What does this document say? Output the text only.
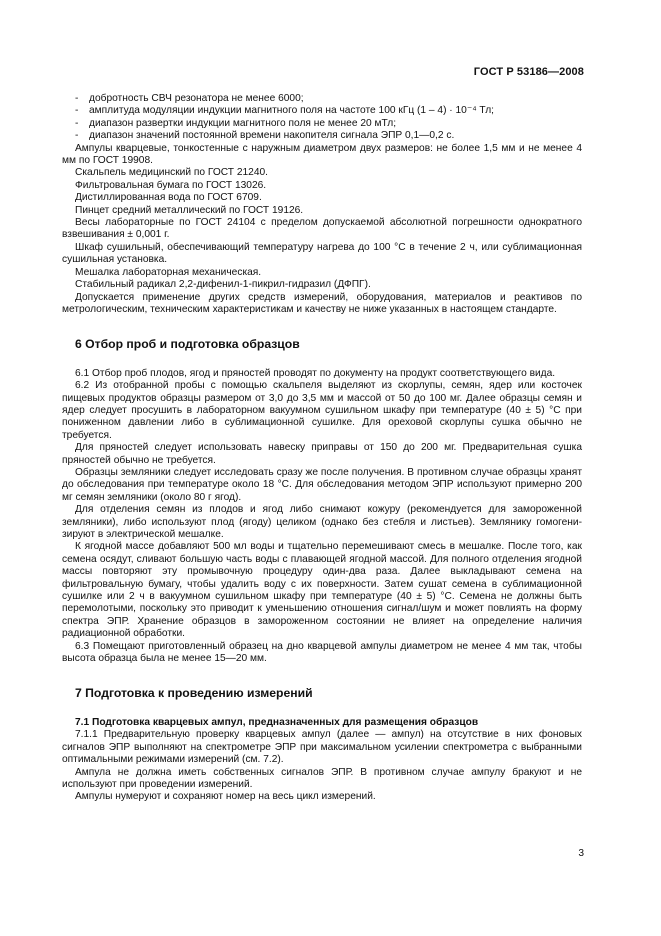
ГОСТ Р 53186—2008
-	добротность СВЧ резонатора не менее 6000;
-	амплитуда модуляции индукции магнитного поля на частоте 100 кГц (1 – 4) · 10⁻⁴ Тл;
-	диапазон развертки индукции магнитного поля не менее 20 мТл;
-	диапазон значений постоянной времени накопителя сигнала ЭПР 0,1—0,2 с.
Ампулы кварцевые, тонкостенные с наружным диаметром двух размеров: не более 1,5 мм и не менее 4 мм по ГОСТ 19908.
Скальпель медицинский по ГОСТ 21240.
Фильтровальная бумага по ГОСТ 13026.
Дистиллированная вода по ГОСТ 6709.
Пинцет средний металлический по ГОСТ 19126.
Весы лабораторные по ГОСТ 24104 с пределом допускаемой абсолютной погрешности однократного взвешивания ± 0,001 г.
Шкаф сушильный, обеспечивающий температуру нагрева до 100 °С в течение 2 ч, или сублимационная сушильная установка.
Мешалка лабораторная механическая.
Стабильный радикал 2,2-дифенил-1-пикрил-гидразил (ДФПГ).
Допускается применение других средств измерений, оборудования, материалов и реактивов по метрологическим, техническим характеристикам и качеству не ниже указанных в настоящем стандарте.
6 Отбор проб и подготовка образцов
6.1 Отбор проб плодов, ягод и пряностей проводят по документу на продукт соответствующего вида.
6.2 Из отобранной пробы с помощью скальпеля выделяют из скорлупы, семян, ядер или косточек пищевых продуктов образцы размером от 3,0 до 3,5 мм и массой от 50 до 100 мг. Далее образцы семян и ядер следует просушить в лабораторном вакуумном сушильном шкафу при температуре (40 ± 5) °С при пониженном давлении либо в сублимационной сушилке. Для ореховой скорлупы сушка обычно не требуется.
Для пряностей следует использовать навеску приправы от 150 до 200 мг. Предварительная сушка пряностей обычно не требуется.
Образцы земляники следует исследовать сразу же после получения. В противном случае образцы хранят до обследования при температуре около 18 °С. Для обследования методом ЭПР используют примерно 200 мг семян земляники (около 80 г ягод).
Для отделения семян из плодов и ягод либо снимают кожуру (рекомендуется для замороженной земляники), либо используют плод (ягоду) целиком (однако без стебля и листьев). Землянику гомогенизируют в электрической мешалке.
К ягодной массе добавляют 500 мл воды и тщательно перемешивают смесь в мешалке. После того, как семена осядут, сливают большую часть воды с плавающей ягодной массой. Для полного отделения ягодной массы повторяют эту промывочную процедуру один-два раза. Далее выкладывают семена на фильтровальную бумагу, чтобы удалить воду с их поверхности. Затем сушат семена в сублимационной сушилке или 2 ч в вакуумном сушильном шкафу при температуре (40 ± 5) °С. Семена не должны быть перемолотыми, поскольку это приводит к уменьшению отношения сигнал/шум и может повлиять на форму спектра ЭПР. Хранение образцов в замороженном состоянии не влияет на определение наличия радиационной обработки.
6.3 Помещают приготовленный образец на дно кварцевой ампулы диаметром не менее 4 мм так, чтобы высота образца была не менее 15—20 мм.
7 Подготовка к проведению измерений
7.1 Подготовка кварцевых ампул, предназначенных для размещения образцов
7.1.1 Предварительную проверку кварцевых ампул (далее — ампул) на отсутствие в них фоновых сигналов ЭПР выполняют на спектрометре ЭПР при максимальном усилении спектрометра с выбранными оптимальными режимами измерений (см. 7.2).
Ампула не должна иметь собственных сигналов ЭПР. В противном случае ампулу бракуют и не используют при проведении измерений.
Ампулы нумеруют и сохраняют номер на весь цикл измерений.
3
